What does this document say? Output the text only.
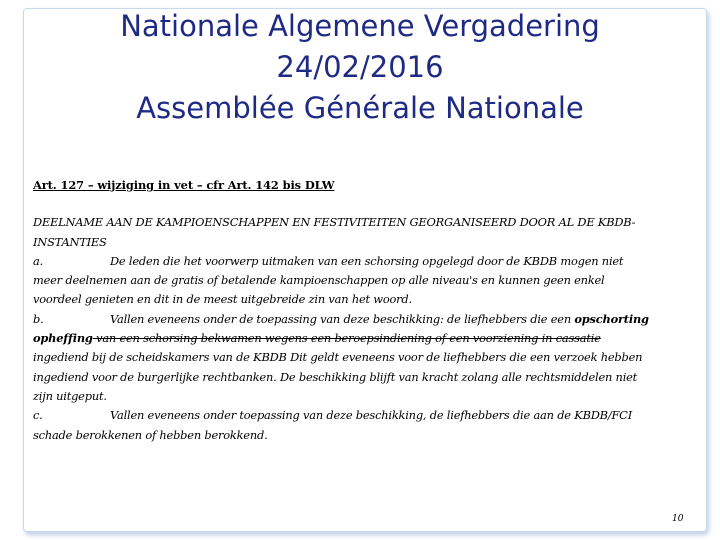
Nationale Algemene Vergadering
24/02/2016
Assemblée Générale Nationale
Art. 127 – wijziging in vet – cfr Art. 142 bis DLW
DEELNAME AAN DE KAMPIOENSCHAPPEN EN FESTIVITEITEN GEORGANISEERD DOOR AL DE KBDB-
INSTANTIES
a.	De leden die het voorwerp uitmaken van een schorsing opgelegd door de KBDB mogen niet
meer deelnemen aan de gratis of betalende kampioenschappen op alle niveau's en kunnen geen enkel
voordeel genieten en dit in de meest uitgebreide zin van het woord.
b.	Vallen eveneens onder de toepassing van deze beschikking: de liefhebbers die een opschorting
opheffing van een schorsing bekwamen wegens een beroepsindiening of een voorziening in cassatie
ingediend bij de scheidskamers van de KBDB Dit geldt eveneens voor de liefhebbers die een verzoek hebben
ingediend voor de burgerlijke rechtbanken. De beschikking blijft van kracht zolang alle rechtsmiddelen niet
zijn uitgeput.
c.	Vallen eveneens onder toepassing van deze beschikking, de liefhebbers die aan de KBDB/FCI
schade berokkenen of hebben berokkend.
10
